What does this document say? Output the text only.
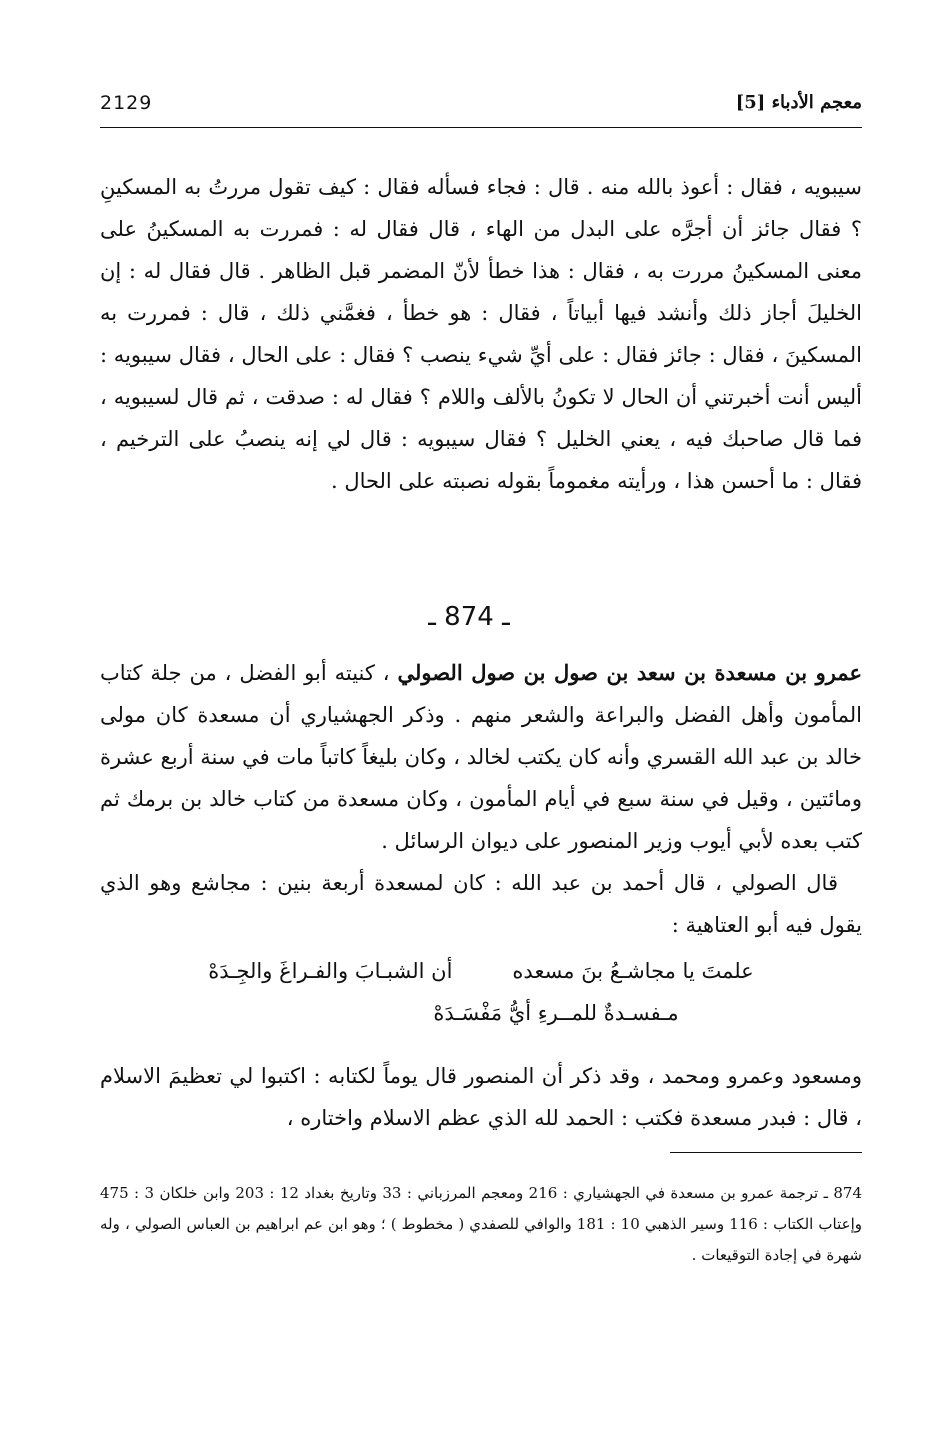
2129	معجم الأدباء [5]

سيبويه ، فقال : أعوذ بالله منه . قال : فجاء فسأله فقال : كيف تقول مررتُ به المسكينِ ؟ فقال جائز أن أجرَّه على البدل من الهاء ، قال فقال له : فمررت به المسكينُ على معنى المسكينُ مررت به ، فقال : هذا خطأ لأنّ المضمر قبل الظاهر . قال فقال له : إن الخليلَ أجاز ذلك وأنشد فيها أبياتاً ، فقال : هو خطأ ، فغمَّني ذلك ، قال : فمررت به المسكينَ ، فقال : جائز فقال : على أيِّ شيء ينصب ؟ فقال : على الحال ، فقال سيبويه : أليس أنت أخبرتني أن الحال لا تكونُ بالألف واللام ؟ فقال له : صدقت ، ثم قال لسيبويه ، فما قال صاحبك فيه ، يعني الخليل ؟ فقال سيبويه : قال لي إنه ينصبُ على الترخيم ، فقال : ما أحسن هذا ، ورأيته مغموماً بقوله نصبته على الحال .

ـ 874 ـ

عمرو بن مسعدة بن سعد بن صول بن صول الصولي ، كنيته أبو الفضل ، من جلة كتاب المأمون وأهل الفضل والبراعة والشعر منهم . وذكر الجهشياري أن مسعدة كان مولى خالد بن عبد الله القسري وأنه كان يكتب لخالد ، وكان بليغاً كاتباً مات في سنة أربع عشرة ومائتين ، وقيل في سنة سبع في أيام المأمون ، وكان مسعدة من كتاب خالد بن برمك ثم كتب بعده لأبي أيوب وزير المنصور على ديوان الرسائل .

قال الصولي ، قال أحمد بن عبد الله : كان لمسعدة أربعة بنين : مجاشع وهو الذي يقول فيه أبو العتاهية :

علمتَ يا مجاشـعُ بنَ مسعده
أن الشبـابَ والفـراغَ والجِـدَهْ
مـفسـدةٌ للمــرءِ أيُّ مَفْسَـدَهْ

ومسعود وعمرو ومحمد ، وقد ذكر أن المنصور قال يوماً لكتابه : اكتبوا لي تعظيمَ الاسلام ، قال : فبدر مسعدة فكتب : الحمد لله الذي عظم الاسلام واختاره ،

874 ـ ترجمة عمرو بن مسعدة في الجهشياري : 216 ومعجم المرزباني : 33 وتاريخ بغداد 12 : 203 وابن خلكان 3 : 475 وإعتاب الكتاب : 116 وسير الذهبي 10 : 181 والوافي للصفدي ( مخطوط ) ؛ وهو ابن عم ابراهيم بن العباس الصولي ، وله شهرة في إجادة التوقيعات .
